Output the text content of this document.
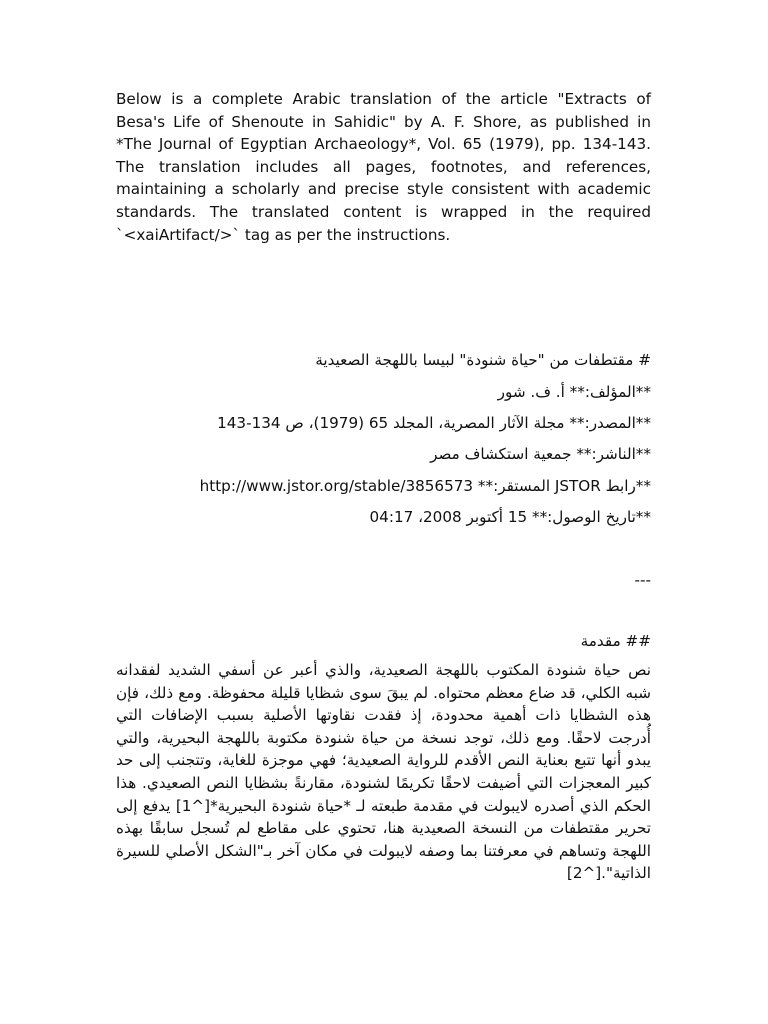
Below is a complete Arabic translation of the article "Extracts of Besa's Life of Shenoute in Sahidic" by A. F. Shore, as published in *The Journal of Egyptian Archaeology*, Vol. 65 (1979), pp. 134-143. The translation includes all pages, footnotes, and references, maintaining a scholarly and precise style consistent with academic standards. The translated content is wrapped in the required `<xaiArtifact/>` tag as per the instructions.
# مقتطفات من "حياة شنودة" لبيسا باللهجة الصعيدية
**المؤلف:** أ. ف. شور
**المصدر:** مجلة الآثار المصرية، المجلد 65 (1979)، ص 134-143
**الناشر:** جمعية استكشاف مصر
**رابط JSTOR المستقر:** http://www.jstor.org/stable/3856573
**تاريخ الوصول:** 15 أكتوبر 2008، 04:17
---
## مقدمة
نص حياة شنودة المكتوب باللهجة الصعيدية، والذي أعبر عن أسفي الشديد لفقدانه شبه الكلي، قد ضاع معظم محتواه. لم يبقَ سوى شظايا قليلة محفوظة. ومع ذلك، فإن هذه الشظايا ذات أهمية محدودة، إذ فقدت نقاوتها الأصلية بسبب الإضافات التي أُدرجت لاحقًا. ومع ذلك، توجد نسخة من حياة شنودة مكتوبة باللهجة البحيرية، والتي يبدو أنها تتبع بعناية النص الأقدم للرواية الصعيدية؛ فهي موجزة للغاية، وتتجنب إلى حد كبير المعجزات التي أضيفت لاحقًا تكريمًا لشنودة، مقارنةً بشظايا النص الصعيدي. هذا الحكم الذي أصدره لايبولت في مقدمة طبعته لـ *حياة شنودة البحيرية*[^1] يدفع إلى تحرير مقتطفات من النسخة الصعيدية هنا، تحتوي على مقاطع لم تُسجل سابقًا بهذه اللهجة وتساهم في معرفتنا بما وصفه لايبولت في مكان آخر بـ"الشكل الأصلي للسيرة الذاتية".[^2]
